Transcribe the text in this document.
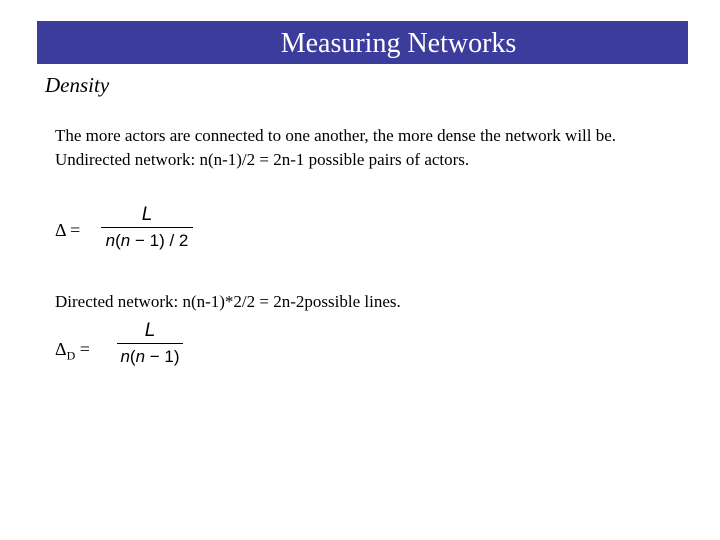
Measuring Networks
Density
The more actors are connected to one another, the more dense the network will be.
Undirected network: n(n-1)/2 = 2n-1 possible pairs of actors.
Δ =
L
n(n − 1) / 2
Directed network: n(n-1)*2/2 = 2n-2possible lines.
$\Delta_D$ =
L
n(n − 1)
